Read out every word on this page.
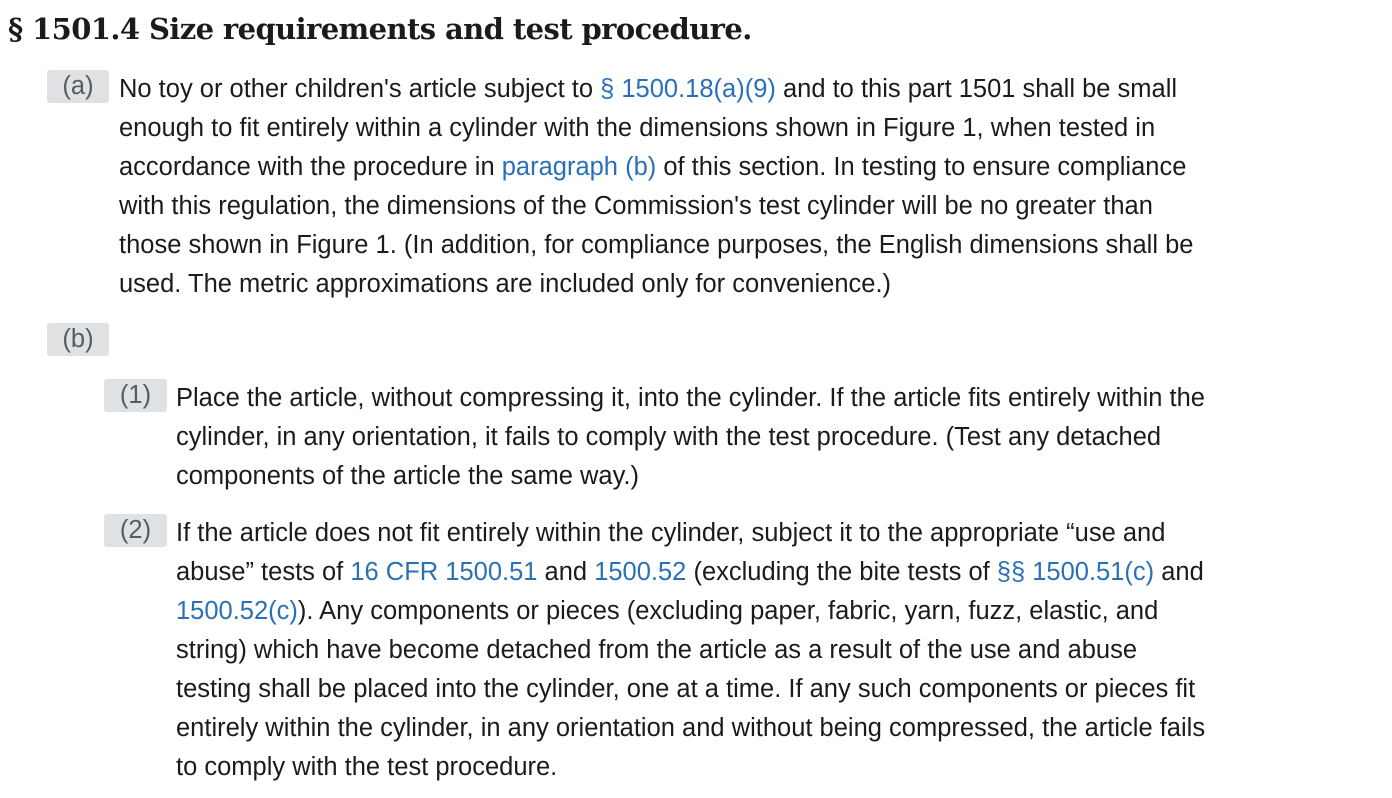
§ 1501.4 Size requirements and test procedure.
(a) No toy or other children's article subject to § 1500.18(a)(9) and to this part 1501 shall be small
enough to fit entirely within a cylinder with the dimensions shown in Figure 1, when tested in
accordance with the procedure in paragraph (b) of this section. In testing to ensure compliance
with this regulation, the dimensions of the Commission's test cylinder will be no greater than
those shown in Figure 1. (In addition, for compliance purposes, the English dimensions shall be
used. The metric approximations are included only for convenience.)
(b)
(1) Place the article, without compressing it, into the cylinder. If the article fits entirely within the
cylinder, in any orientation, it fails to comply with the test procedure. (Test any detached
components of the article the same way.)
(2) If the article does not fit entirely within the cylinder, subject it to the appropriate “use and
abuse” tests of 16 CFR 1500.51 and 1500.52 (excluding the bite tests of §§ 1500.51(c) and
1500.52(c)). Any components or pieces (excluding paper, fabric, yarn, fuzz, elastic, and
string) which have become detached from the article as a result of the use and abuse
testing shall be placed into the cylinder, one at a time. If any such components or pieces fit
entirely within the cylinder, in any orientation and without being compressed, the article fails
to comply with the test procedure.
